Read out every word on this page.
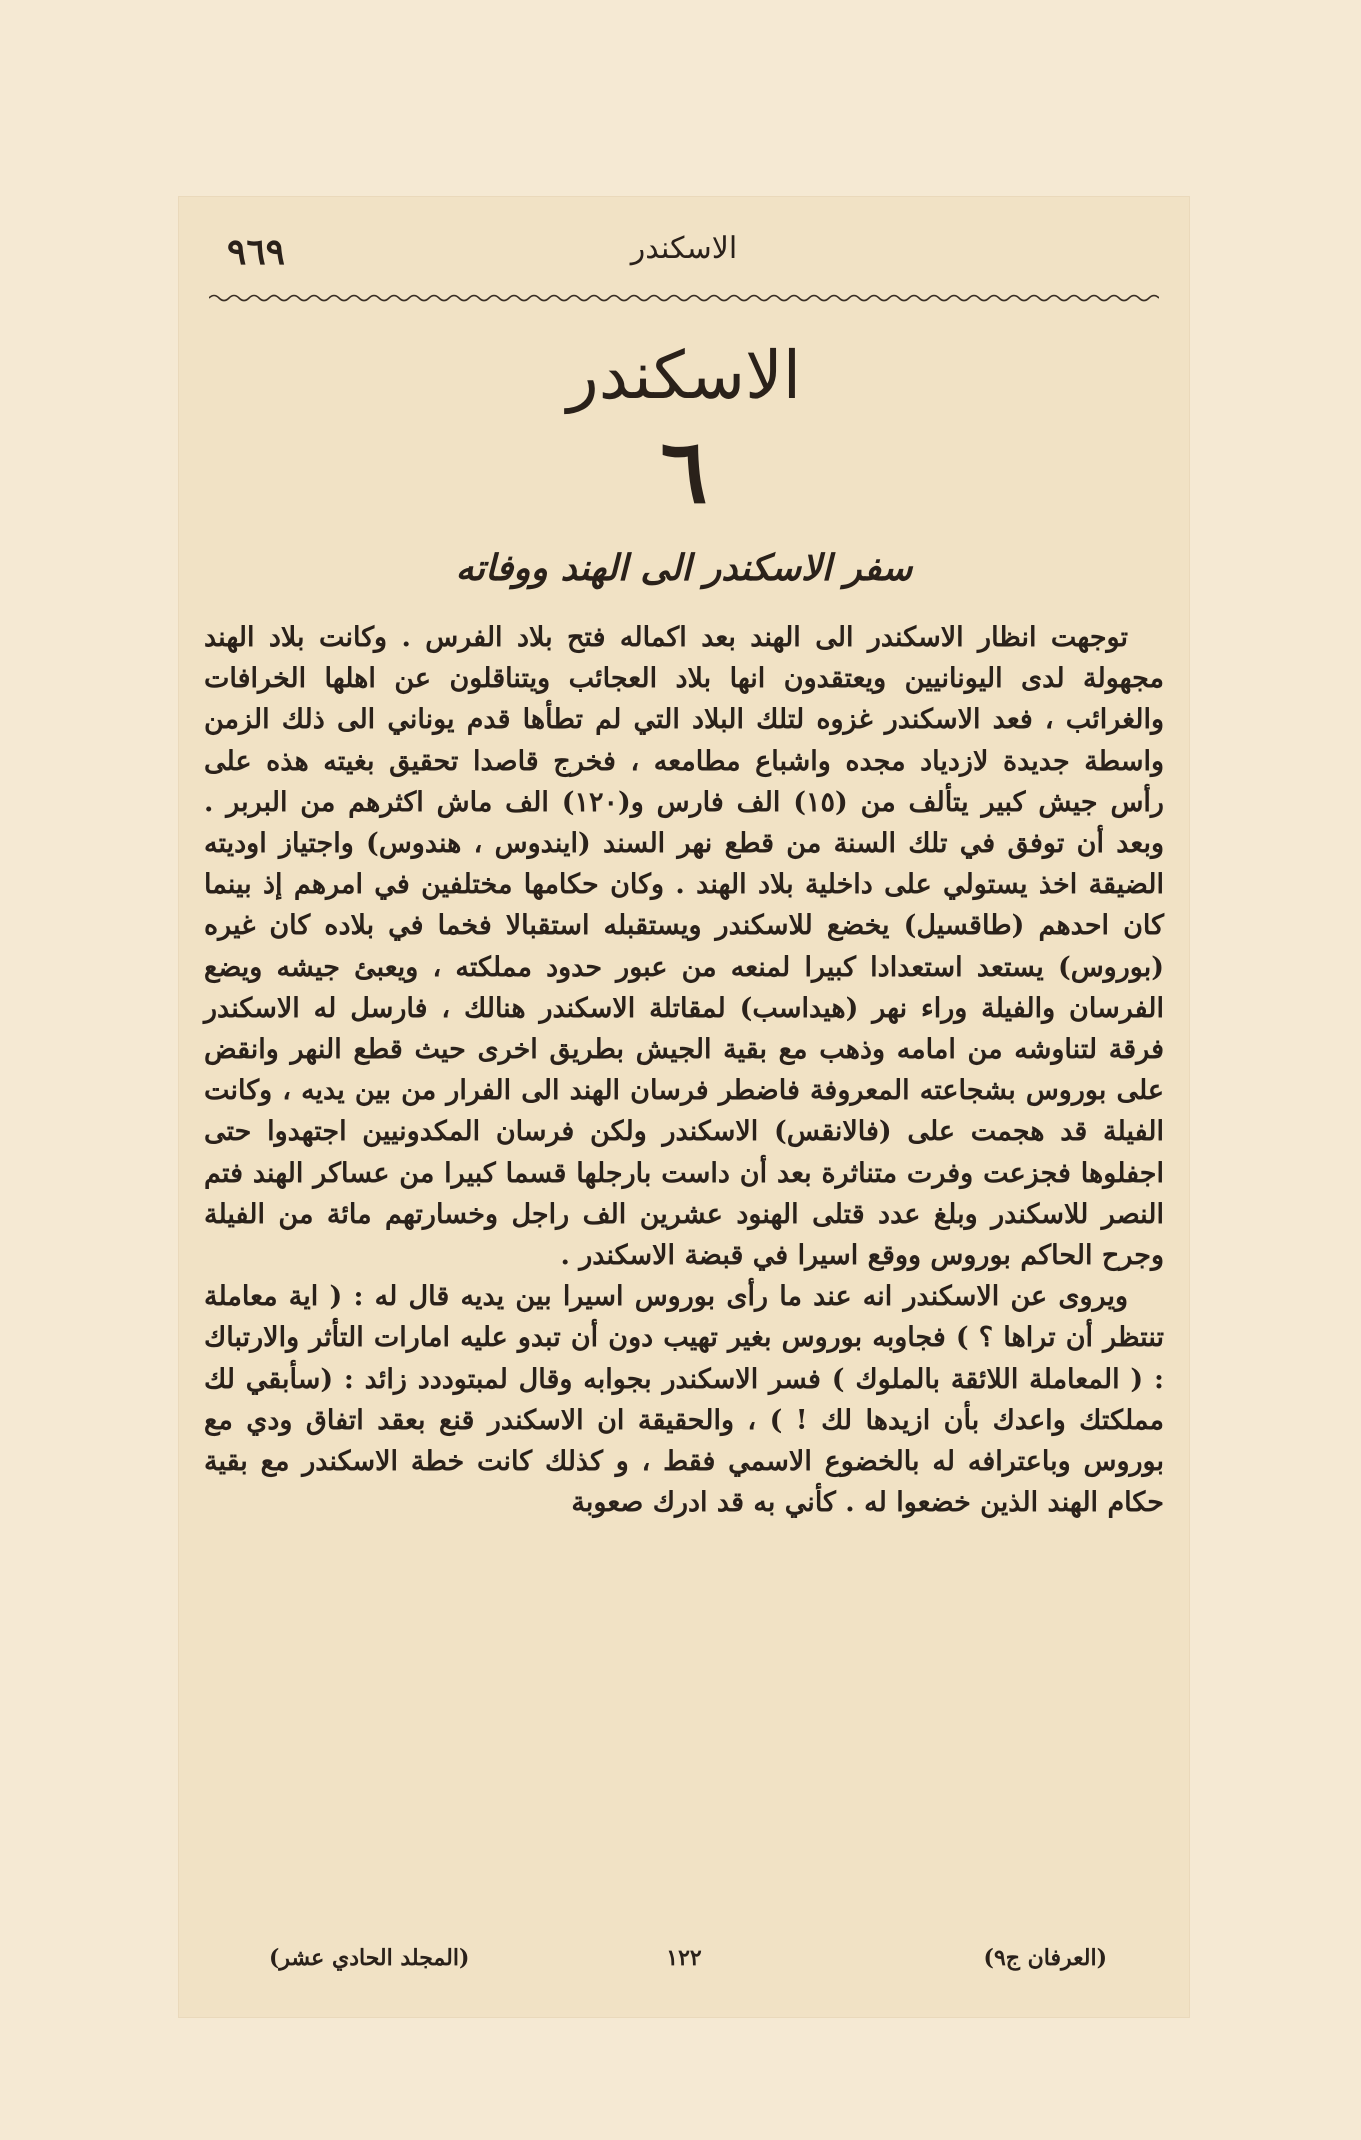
٩٦٩	الاسكندر
الاسكندر
٦
سفر الاسكندر الى الهند ووفاته

توجهت انظار الاسكندر الى الهند بعد اكماله فتح بلاد الفرس . وكانت بلاد الهند مجهولة لدى اليونانيين ويعتقدون انها بلاد العجائب ويتناقلون عن اهلها الخرافات والغرائب ، فعد الاسكندر غزوه لتلك البلاد التي لم تطأها قدم يوناني الى ذلك الزمن واسطة جديدة لازدياد مجده واشباع مطامعه ، فخرج قاصدا تحقيق بغيته هذه على رأس جيش كبير يتألف من (١٥) الف فارس و(١٢٠) الف ماش اكثرهم من البربر . وبعد أن توفق في تلك السنة من قطع نهر السند (ايندوس ، هندوس) واجتياز اوديته الضيقة اخذ يستولي على داخلية بلاد الهند . وكان حكامها مختلفين في امرهم إذ بينما كان احدهم (طاقسيل) يخضع للاسكندر ويستقبله استقبالا فخما في بلاده كان غيره (بوروس) يستعد استعدادا كبيرا لمنعه من عبور حدود مملكته ، ويعبئ جيشه ويضع الفرسان والفيلة وراء نهر (هيداسب) لمقاتلة الاسكندر هنالك ، فارسل له الاسكندر فرقة لتناوشه من امامه وذهب مع بقية الجيش بطريق اخرى حيث قطع النهر وانقض على بوروس بشجاعته المعروفة فاضطر فرسان الهند الى الفرار من بين يديه ، وكانت الفيلة قد هجمت على (فالانقس) الاسكندر ولكن فرسان المكدونيين اجتهدوا حتى اجفلوها فجزعت وفرت متناثرة بعد أن داست بارجلها قسما كبيرا من عساكر الهند فتم النصر للاسكندر وبلغ عدد قتلى الهنود عشرين الف راجل وخسارتهم مائة من الفيلة وجرح الحاكم بوروس ووقع اسيرا في قبضة الاسكندر .

ويروى عن الاسكندر انه عند ما رأى بوروس اسيرا بين يديه قال له : ( اية معاملة تنتظر أن تراها ؟ ) فجاوبه بوروس بغير تهيب دون أن تبدو عليه امارات التأثر والارتباك : ( المعاملة اللائقة بالملوك ) فسر الاسكندر بجوابه وقال لمبتوددد زائد : (سأبقي لك مملكتك واعدك بأن ازيدها لك ! ) ، والحقيقة ان الاسكندر قنع بعقد اتفاق ودي مع بوروس وباعترافه له بالخضوع الاسمي فقط ، و كذلك كانت خطة الاسكندر مع بقية حكام الهند الذين خضعوا له . كأني به قد ادرك صعوبة

(المجلد الحادي عشر)	١٢٢	(العرفان ج٩)
